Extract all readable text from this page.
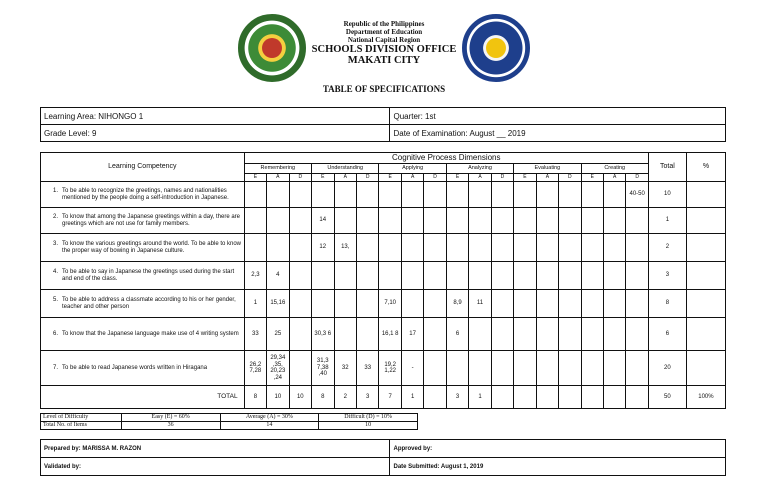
Republic of the Philippines
Department of Education
National Capital Region
SCHOOLS DIVISION OFFICE
MAKATI CITY
TABLE OF SPECIFICATIONS
Learning Area: NIHONGO 1	Quarter: 1st
Grade Level: 9	Date of Examination: August __ 2019
Learning Competency	Cognitive Process Dimensions																		Total	%
	Remembering			Understanding			Applying			Analyzing			Evaluating			Creating				
	E	A	D	E	A	D	E	A	D	E	A	D	E	A	D	E	A	D		

1. To be able to recognize the greetings, names and nationalities mentioned by the people doing a self-introduction in Japanese.																		40-50	10	

2. To know that among the Japanese greetings within a day, there are greetings which are not use for family members.				14															1	

3. To know the various greetings around the world. To be able to know the proper way of bowing in Japanese culture.				12	13,														2	

4. To be able to say in Japanese the greetings used during the start and end of the class.	2,3	4																	3	

5. To be able to address a classmate according to his or her gender, teacher and other person	1	15,16					7,10			8,9	11								8	

6. To know that the Japanese language make use of 4 writing system	33	25		30,3 6			16,1 8	17		6									6	

7. To be able to read Japanese words written in Hiragana	26,2 7,28	29,34 ,35, 20,23 ,24		31,3 7,38 ,40	32	33	19,2 1,22	-											20	
TOTAL	8	10	10	8	2	3	7	1		3	1								50	100%
Level of Difficulty	Easy (E) = 60%	Average (A) = 30%	Difficult (D) = 10%
Total No. of Items	36	14	10
Prepared by: MARISSA M. RAZON	Approved by:
Validated by:	Date Submitted: August 1, 2019
